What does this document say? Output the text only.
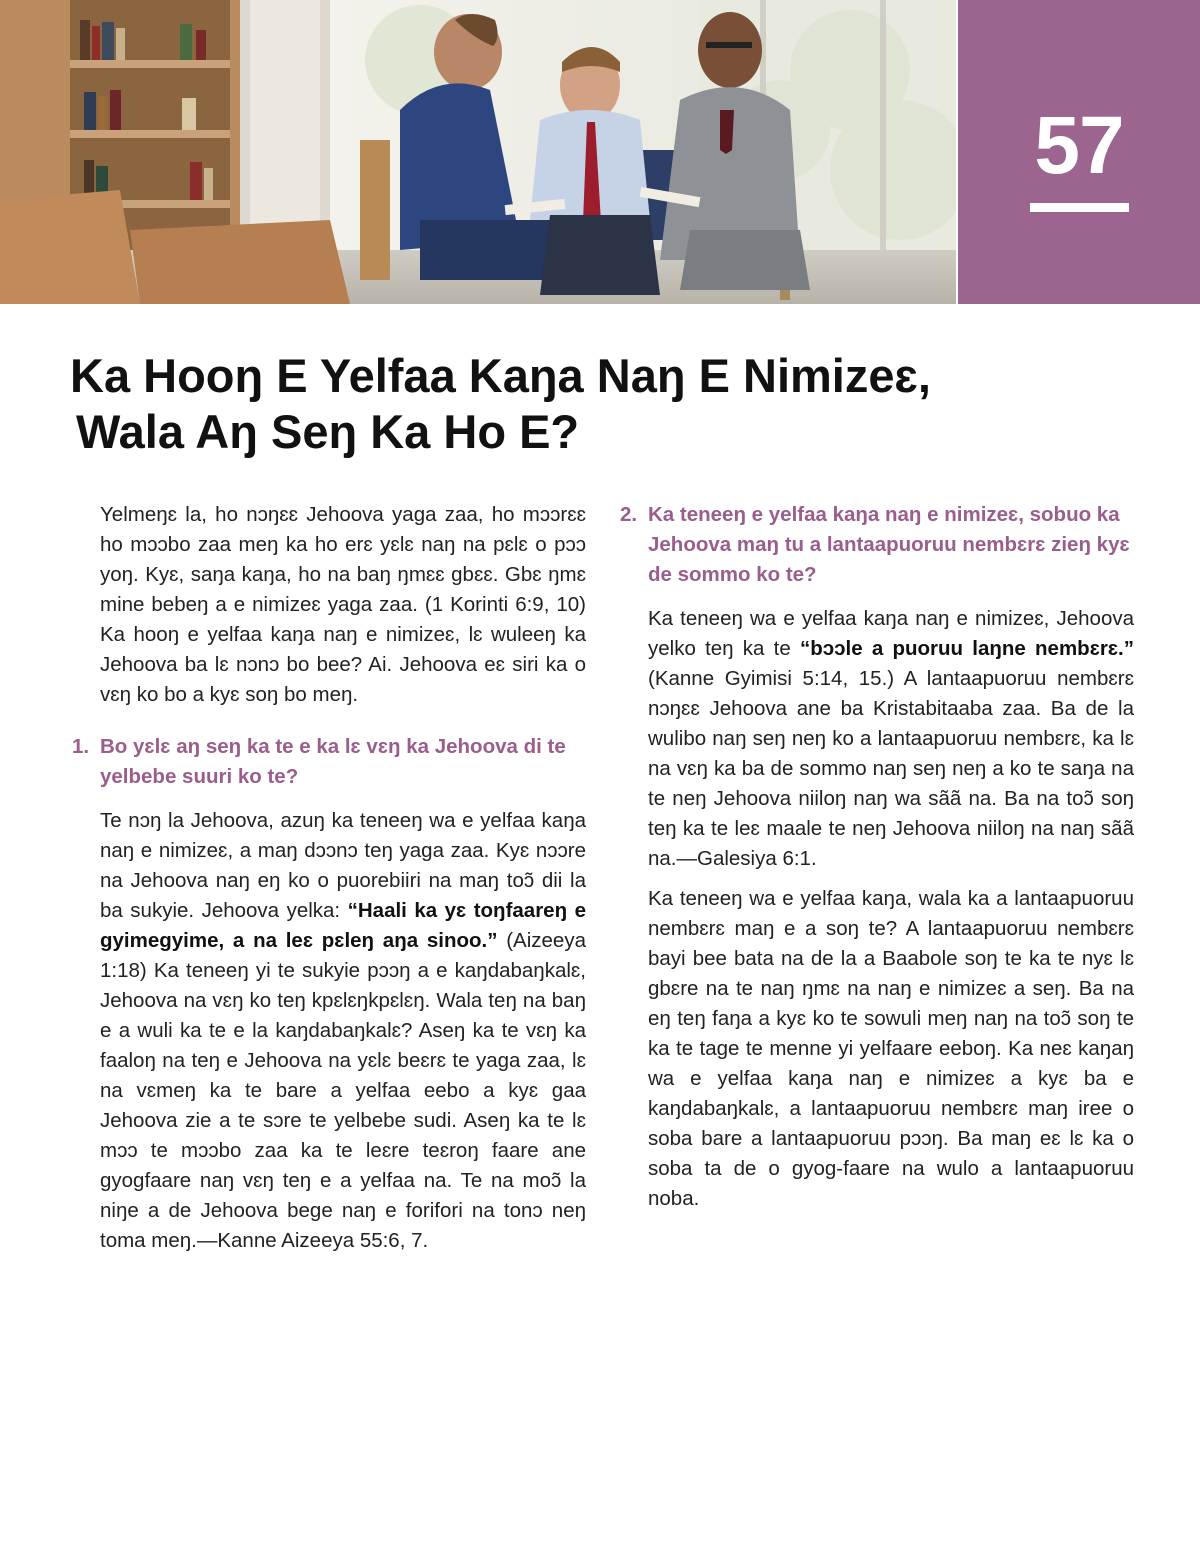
57
Ka Hooŋ E Yelfaa Kaŋa Naŋ E Nimizeɛ,
Wala Aŋ Seŋ Ka Ho E?

Yelmeŋɛ la, ho nɔŋɛɛ Jehoova yaga zaa, ho mɔɔrɛɛ ho mɔɔbo zaa meŋ ka ho erɛ yɛlɛ naŋ na pɛlɛ o pɔɔ yoŋ. Kyɛ, saŋa kaŋa, ho na baŋ ŋmɛɛ gbɛɛ. Gbɛ ŋmɛ mine bebeŋ a e nimizeɛ yaga zaa. (1 Korinti 6:9, 10) Ka hooŋ e yelfaa kaŋa naŋ e nimizeɛ, lɛ wuleeŋ ka Jehoova ba lɛ nɔnɔ bo bee? Ai. Jehoova eɛ siri ka o vɛŋ ko bo a kyɛ soŋ bo meŋ.

1. Bo yɛlɛ aŋ seŋ ka te e ka lɛ vɛŋ ka Jehoova di te yelbebe suuri ko te?

Te nɔŋ la Jehoova, azuŋ ka teneeŋ wa e yelfaa kaŋa naŋ e nimizeɛ, a maŋ dɔɔnɔ teŋ yaga zaa. Kyɛ nɔɔre na Jehoova naŋ eŋ ko o puorebiiri na maŋ toɔ̃ dii la ba sukyie. Jehoova yelka: “Haali ka yɛ toŋfaareŋ e gyimegyime, a na leɛ pɛleŋ aŋa sinoo.” (Aizeeya 1:18) Ka teneeŋ yi te sukyie pɔɔŋ a e kaŋdabaŋkalɛ, Jehoova na vɛŋ ko teŋ kpɛlɛŋkpɛlɛŋ. Wala teŋ na baŋ e a wuli ka te e la kaŋdabaŋkalɛ? Aseŋ ka te vɛŋ ka faaloŋ na teŋ e Jehoova na yɛlɛ beɛrɛ te yaga zaa, lɛ na vɛmeŋ ka te bare a yelfaa eebo a kyɛ gaa Jehoova zie a te sɔre te yelbebe sudi. Aseŋ ka te lɛ mɔɔ te mɔɔbo zaa ka te leɛre teɛroŋ faare ane gyogfaare naŋ vɛŋ teŋ e a yelfaa na. Te na moɔ̃ la niŋe a de Jehoova bege naŋ e forifori na tonɔ neŋ toma meŋ.—Kanne Aizeeya 55:6, 7.

2. Ka teneeŋ e yelfaa kaŋa naŋ e nimizeɛ, sobuo ka Jehoova maŋ tu a lantaapuoruu nembɛrɛ zieŋ kyɛ de sommo ko te?

Ka teneeŋ wa e yelfaa kaŋa naŋ e nimizeɛ, Jehoova yelko teŋ ka te “bɔɔle a puoruu laŋne nembɛrɛ.” (Kanne Gyimisi 5:14, 15.) A lantaapuoruu nembɛrɛ nɔŋɛɛ Jehoova ane ba Kristabitaaba zaa. Ba de la wulibo naŋ seŋ neŋ ko a lantaapuoruu nembɛrɛ, ka lɛ na vɛŋ ka ba de sommo naŋ seŋ neŋ a ko te saŋa na te neŋ Jehoova niiloŋ naŋ wa sãã na. Ba na toɔ̃ soŋ teŋ ka te leɛ maale te neŋ Jehoova niiloŋ na naŋ sãã na.—Galesiya 6:1.

Ka teneeŋ wa e yelfaa kaŋa, wala ka a lantaapuoruu nembɛrɛ maŋ e a soŋ te? A lantaapuoruu nembɛrɛ bayi bee bata na de la a Baabole soŋ te ka te nyɛ lɛ gbɛre na te naŋ ŋmɛ na naŋ e nimizeɛ a seŋ. Ba na eŋ teŋ faŋa a kyɛ ko te sowuli meŋ naŋ na toɔ̃ soŋ te ka te tage te menne yi yelfaare eeboŋ. Ka neɛ kaŋaŋ wa e yelfaa kaŋa naŋ e nimizeɛ a kyɛ ba e kaŋdabaŋkalɛ, a lantaapuoruu nembɛrɛ maŋ iree o soba bare a lantaapuoruu pɔɔŋ. Ba maŋ eɛ lɛ ka o soba ta de o gyog-faare na wulo a lantaapuoruu noba.
